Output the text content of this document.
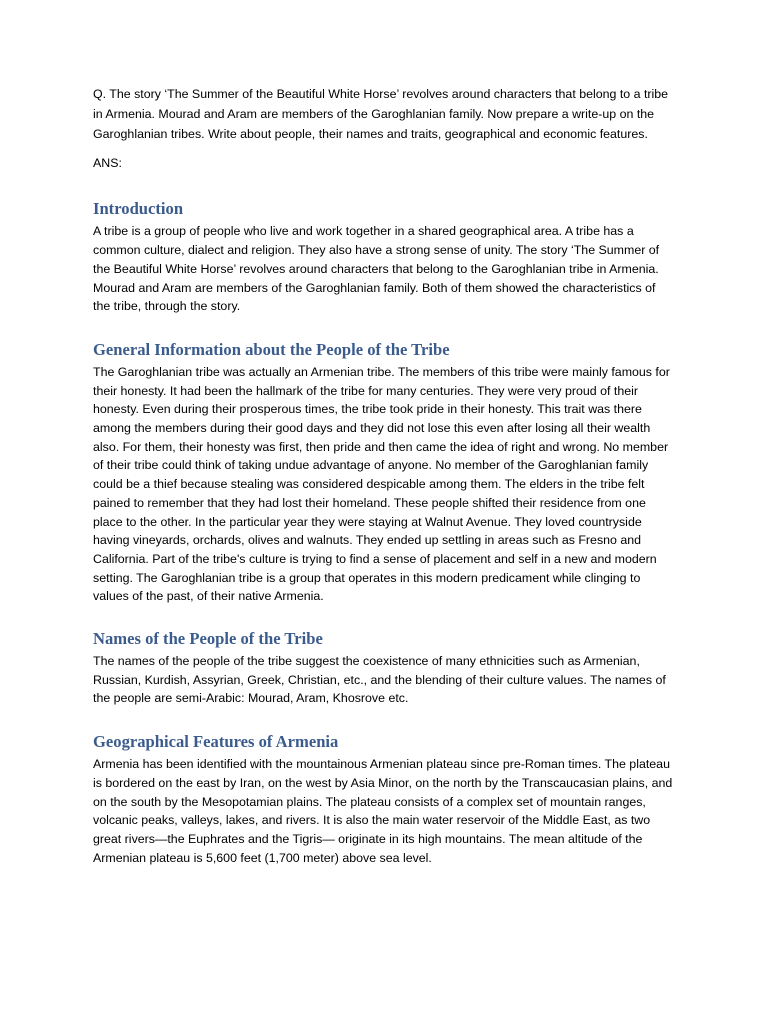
Q. The story ‘The Summer of the Beautiful White Horse’ revolves around characters that belong to a tribe in Armenia. Mourad and Aram are members of the Garoghlanian family. Now prepare a write-up on the Garoghlanian tribes. Write about people, their names and traits, geographical and economic features.

ANS:

Introduction

A tribe is a group of people who live and work together in a shared geographical area. A tribe has a common culture, dialect and religion. They also have a strong sense of unity. The story ‘The Summer of the Beautiful White Horse’ revolves around characters that belong to the Garoghlanian tribe in Armenia. Mourad and Aram are members of the Garoghlanian family. Both of them showed the characteristics of the tribe, through the story.

General Information about the People of the Tribe

The Garoghlanian tribe was actually an Armenian tribe. The members of this tribe were mainly famous for their honesty. It had been the hallmark of the tribe for many centuries. They were very proud of their honesty. Even during their prosperous times, the tribe took pride in their honesty. This trait was there among the members during their good days and they did not lose this even after losing all their wealth also. For them, their honesty was first, then pride and then came the idea of right and wrong. No member of their tribe could think of taking undue advantage of anyone. No member of the Garoghlanian family could be a thief because stealing was considered despicable among them. The elders in the tribe felt pained to remember that they had lost their homeland. These people shifted their residence from one place to the other. In the particular year they were staying at Walnut Avenue. They loved countryside having vineyards, orchards, olives and walnuts. They ended up settling in areas such as Fresno and California. Part of the tribe's culture is trying to find a sense of placement and self in a new and modern setting. The Garoghlanian tribe is a group that operates in this modern predicament while clinging to values of the past, of their native Armenia.

Names of the People of the Tribe

The names of the people of the tribe suggest the coexistence of many ethnicities such as Armenian, Russian, Kurdish, Assyrian, Greek, Christian, etc., and the blending of their culture values. The names of the people are semi-Arabic: Mourad, Aram, Khosrove etc.

Geographical Features of Armenia

Armenia has been identified with the mountainous Armenian plateau since pre-Roman times. The plateau is bordered on the east by Iran, on the west by Asia Minor, on the north by the Transcaucasian plains, and on the south by the Mesopotamian plains. The plateau consists of a complex set of mountain ranges, volcanic peaks, valleys, lakes, and rivers. It is also the main water reservoir of the Middle East, as two great rivers—the Euphrates and the Tigris— originate in its high mountains. The mean altitude of the Armenian plateau is 5,600 feet (1,700 meter) above sea level.
